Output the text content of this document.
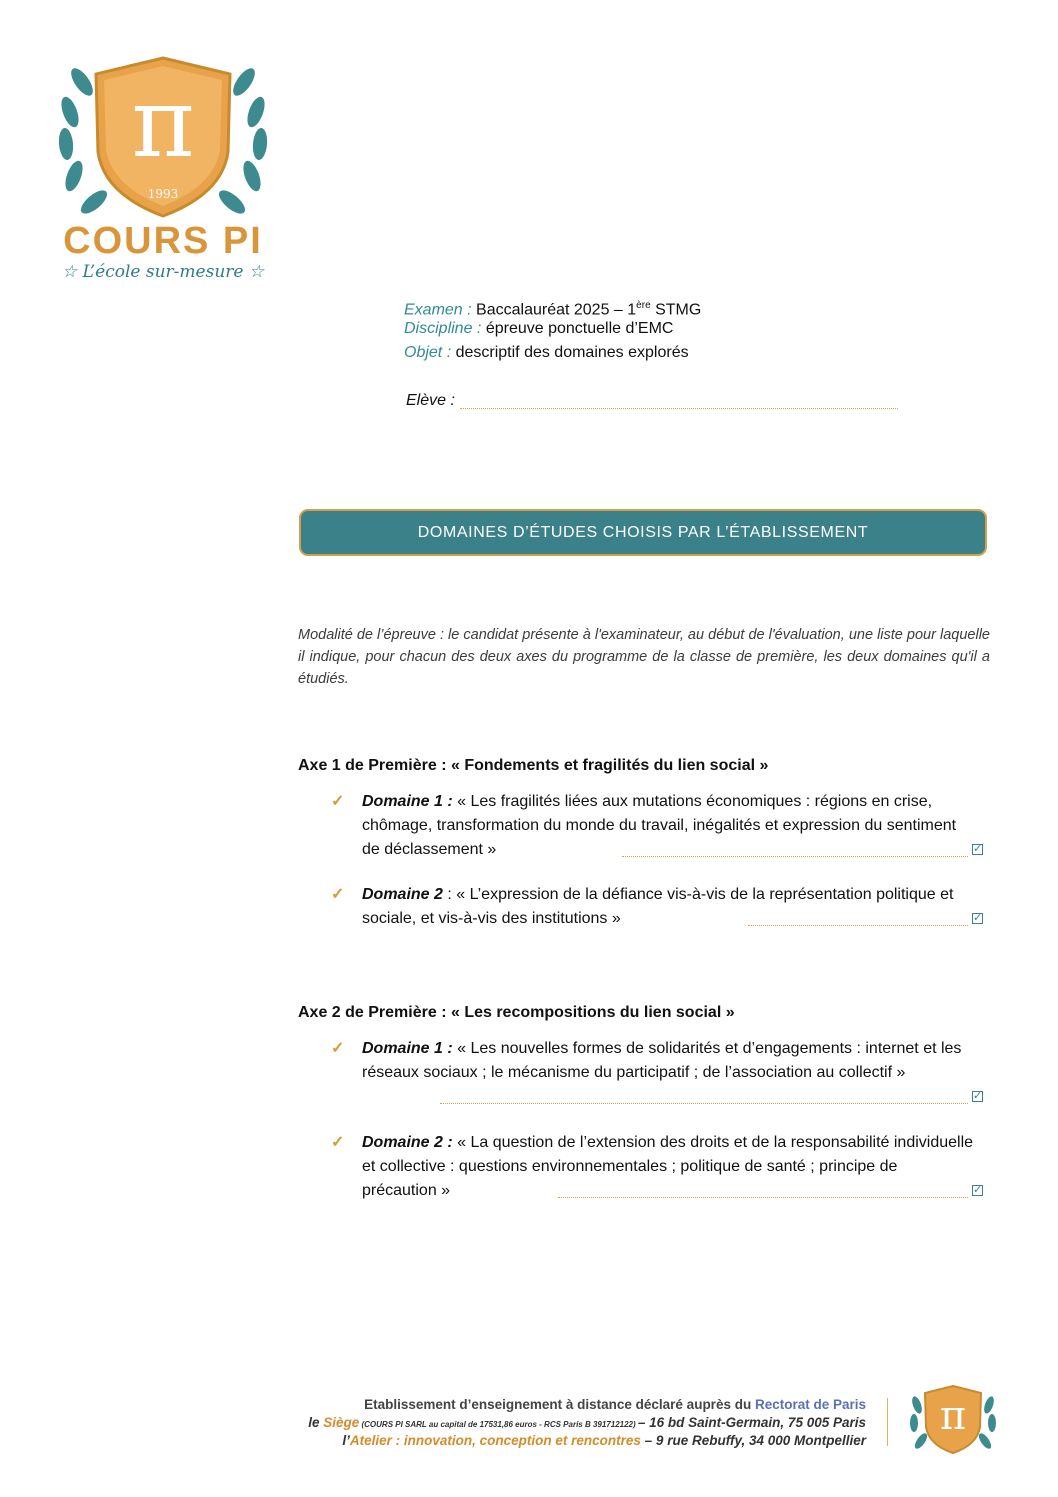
π
1993
COURS PI
☆ L’école sur-mesure ☆
Examen : Baccalauréat 2025 – 1ère STMG
Discipline : épreuve ponctuelle d’EMC
Objet : descriptif des domaines explorés
Elève :
DOMAINES D’ÉTUDES CHOISIS PAR L’ÉTABLISSEMENT
Modalité de l’épreuve : le candidat présente à l'examinateur, au début de l'évaluation, une liste pour laquelle il indique, pour chacun des deux axes du programme de la classe de première, les deux domaines qu'il a étudiés.
Axe 1 de Première : « Fondements et fragilités du lien social »
✓ Domaine 1 : « Les fragilités liées aux mutations économiques : régions en crise, chômage, transformation du monde du travail, inégalités et expression du sentiment de déclassement »	✓
✓ Domaine 2 : « L’expression de la défiance vis-à-vis de la représentation politique et sociale, et vis-à-vis des institutions »	✓
Axe 2 de Première : « Les recompositions du lien social »
✓ Domaine 1 : « Les nouvelles formes de solidarités et d’engagements : internet et les réseaux sociaux ; le mécanisme du participatif ; de l’association au collectif »
✓
✓ Domaine 2 : « La question de l’extension des droits et de la responsabilité individuelle et collective : questions environnementales ; politique de santé ; principe de précaution »	✓
Etablissement d’enseignement à distance déclaré auprès du Rectorat de Paris
le Siège (COURS PI SARL au capital de 17531,86 euros - RCS Paris B 391712122) – 16 bd Saint-Germain, 75 005 Paris
l’Atelier : innovation, conception et rencontres – 9 rue Rebuffy, 34 000 Montpellier
π
